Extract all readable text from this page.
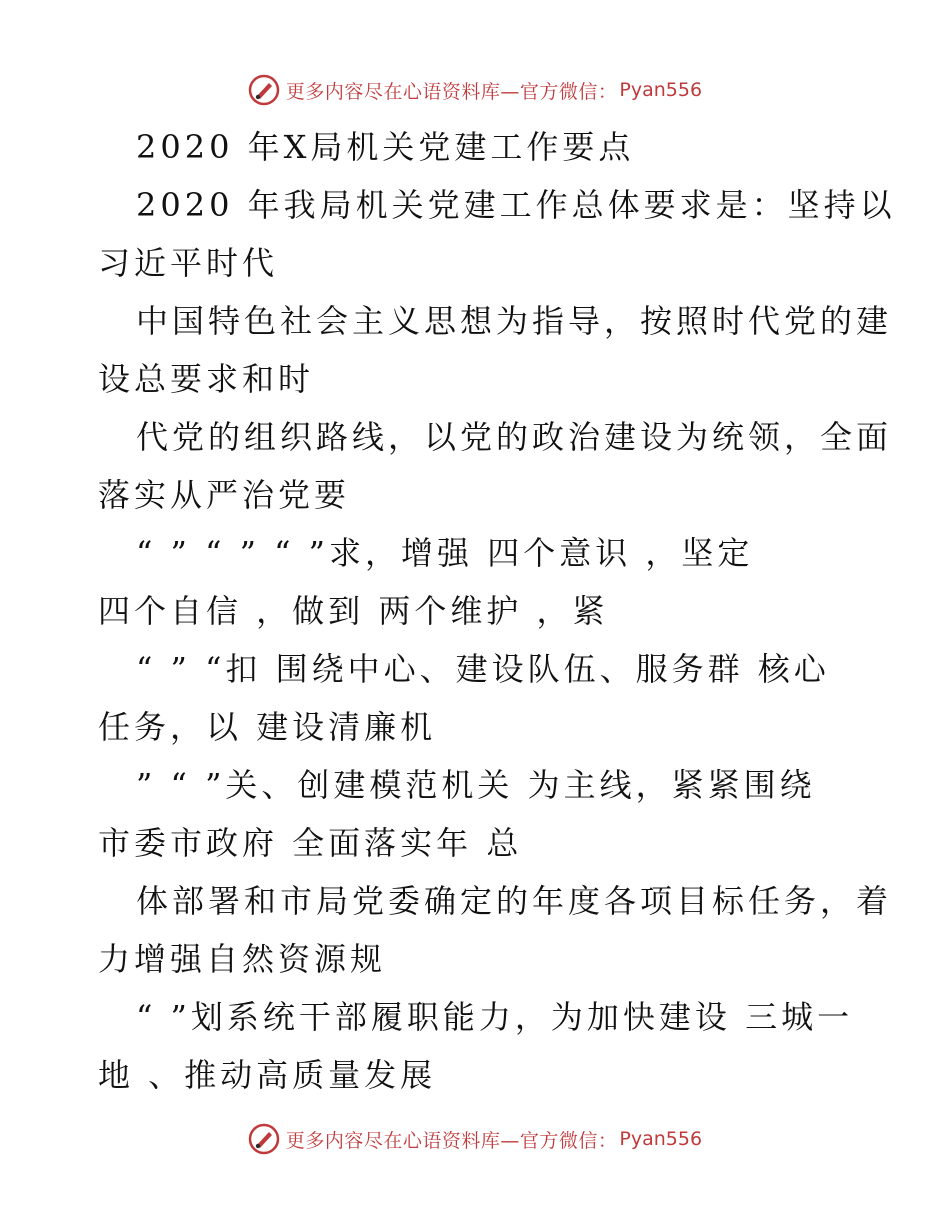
更多内容尽在心语资料库—官方微信： Pyan556
2020 年X局机关党建工作要点
2020 年我局机关党建工作总体要求是：坚持以
习近平时代
中国特色社会主义思想为指导，按照时代党的建
设总要求和时
代党的组织路线，以党的政治建设为统领，全面
落实从严治党要
“ ” “ ” “ ”求，增强 四个意识 ，坚定
四个自信 ，做到 两个维护 ，紧
“ ” “扣 围绕中心、建设队伍、服务群 核心
任务，以 建设清廉机
” “ ”关、创建模范机关 为主线，紧紧围绕
市委市政府 全面落实年 总
体部署和市局党委确定的年度各项目标任务，着
力增强自然资源规
“ ”划系统干部履职能力，为加快建设 三城一
地 、推动高质量发展
更多内容尽在心语资料库—官方微信： Pyan556
